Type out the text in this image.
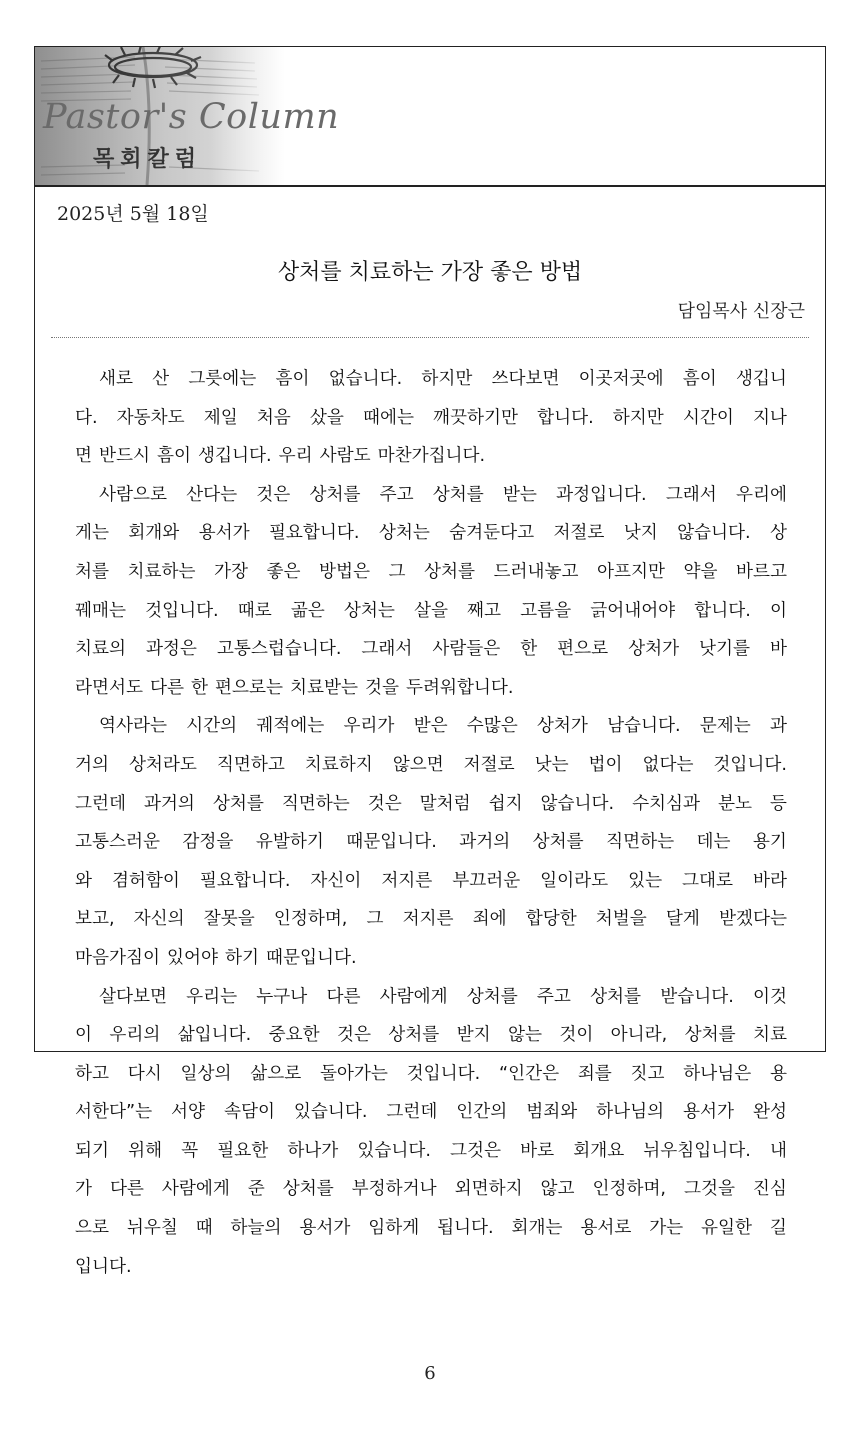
Pastor's Column
목회칼럼
2025년 5월 18일
상처를 치료하는 가장 좋은 방법
담임목사 신장근
새로 산 그릇에는 흠이 없습니다. 하지만 쓰다보면 이곳저곳에 흠이 생깁니
다. 자동차도 제일 처음 샀을 때에는 깨끗하기만 합니다. 하지만 시간이 지나
면 반드시 흠이 생깁니다. 우리 사람도 마찬가집니다.
사람으로 산다는 것은 상처를 주고 상처를 받는 과정입니다. 그래서 우리에
게는 회개와 용서가 필요합니다. 상처는 숨겨둔다고 저절로 낫지 않습니다. 상
처를 치료하는 가장 좋은 방법은 그 상처를 드러내놓고 아프지만 약을 바르고
꿰매는 것입니다. 때로 곪은 상처는 살을 째고 고름을 긁어내어야 합니다. 이
치료의 과정은 고통스럽습니다. 그래서 사람들은 한 편으로 상처가 낫기를 바
라면서도 다른 한 편으로는 치료받는 것을 두려워합니다.
역사라는 시간의 궤적에는 우리가 받은 수많은 상처가 남습니다. 문제는 과
거의 상처라도 직면하고 치료하지 않으면 저절로 낫는 법이 없다는 것입니다.
그런데 과거의 상처를 직면하는 것은 말처럼 쉽지 않습니다. 수치심과 분노 등
고통스러운 감정을 유발하기 때문입니다. 과거의 상처를 직면하는 데는 용기
와 겸허함이 필요합니다. 자신이 저지른 부끄러운 일이라도 있는 그대로 바라
보고, 자신의 잘못을 인정하며, 그 저지른 죄에 합당한 처벌을 달게 받겠다는
마음가짐이 있어야 하기 때문입니다.
살다보면 우리는 누구나 다른 사람에게 상처를 주고 상처를 받습니다. 이것
이 우리의 삶입니다. 중요한 것은 상처를 받지 않는 것이 아니라, 상처를 치료
하고 다시 일상의 삶으로 돌아가는 것입니다. “인간은 죄를 짓고 하나님은 용
서한다”는 서양 속담이 있습니다. 그런데 인간의 범죄와 하나님의 용서가 완성
되기 위해 꼭 필요한 하나가 있습니다. 그것은 바로 회개요 뉘우침입니다. 내
가 다른 사람에게 준 상처를 부정하거나 외면하지 않고 인정하며, 그것을 진심
으로 뉘우칠 때 하늘의 용서가 임하게 됩니다. 회개는 용서로 가는 유일한 길
입니다.
6
